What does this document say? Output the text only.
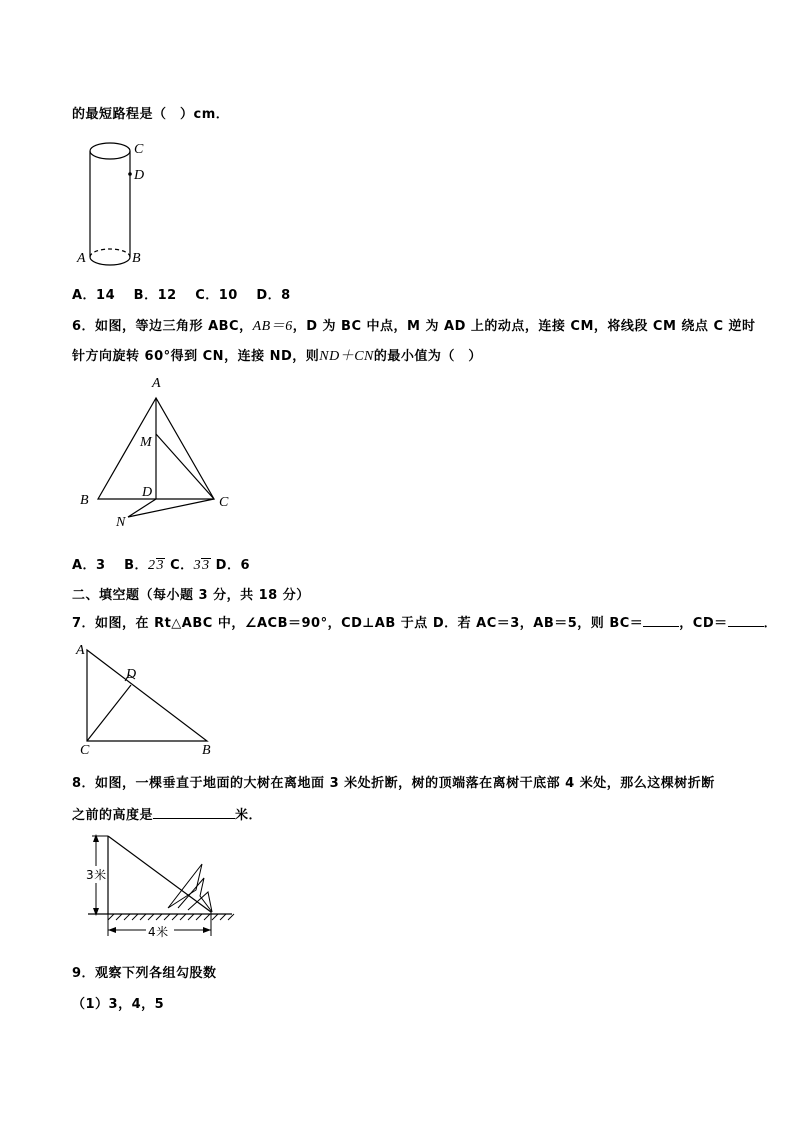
的最短路程是（　）cm．
C
D
A	B
A．14　 B．12　 C．10　 D．8
6．如图，等边三角形 ABC，AB＝6，D 为 BC 中点，M 为 AD 上的动点，连接 CM，将线段 CM 绕点 C 逆时
针方向旋转 60°得到 CN，连接 ND，则ND＋CN的最小值为（　）
A
M
B
D
C
N
A．3　 B．23 C．33 D．6
二、填空题（每小题 3 分，共 18 分）
7．如图，在 Rt△ABC 中，∠ACB＝90°，CD⊥AB 于点 D．若 AC＝3，AB＝5，则 BC＝	，CD＝	．
A
D
C	B
8．如图，一棵垂直于地面的大树在离地面 3 米处折断，树的顶端落在离树干底部 4 米处，那么这棵树折断
之前的高度是	米．
3米
4米
9．观察下列各组勾股数
（1）3，4，5
